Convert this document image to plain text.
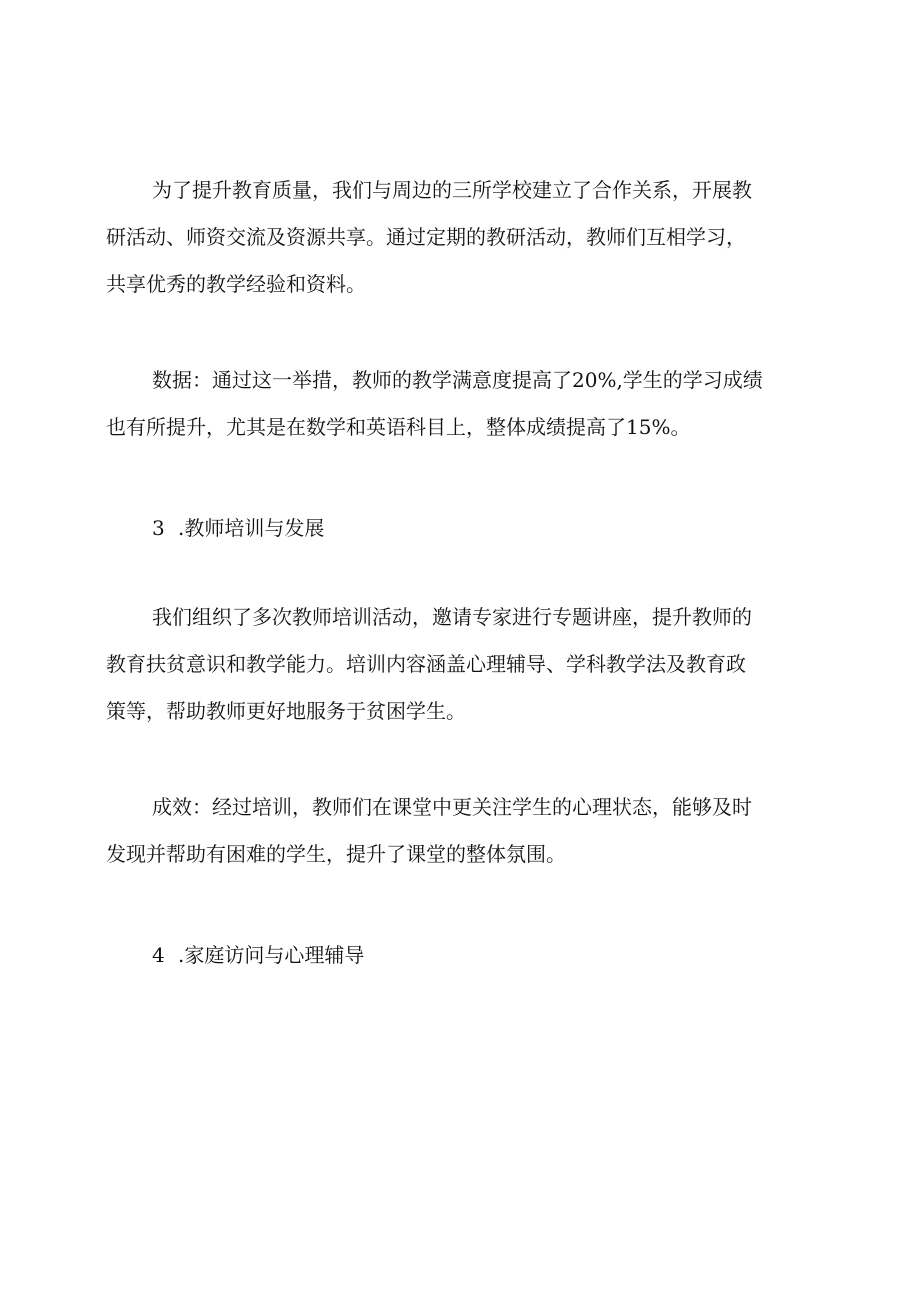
为了提升教育质量，我们与周边的三所学校建立了合作关系，开展教
研活动、师资交流及资源共享。通过定期的教研活动，教师们互相学习，
共享优秀的教学经验和资料。
数据：通过这一举措，教师的教学满意度提高了20%,学生的学习成绩
也有所提升，尤其是在数学和英语科目上，整体成绩提高了15%。
3 .教师培训与发展
我们组织了多次教师培训活动，邀请专家进行专题讲座，提升教师的
教育扶贫意识和教学能力。培训内容涵盖心理辅导、学科教学法及教育政
策等，帮助教师更好地服务于贫困学生。
成效：经过培训，教师们在课堂中更关注学生的心理状态，能够及时
发现并帮助有困难的学生，提升了课堂的整体氛围。
4 .家庭访问与心理辅导
